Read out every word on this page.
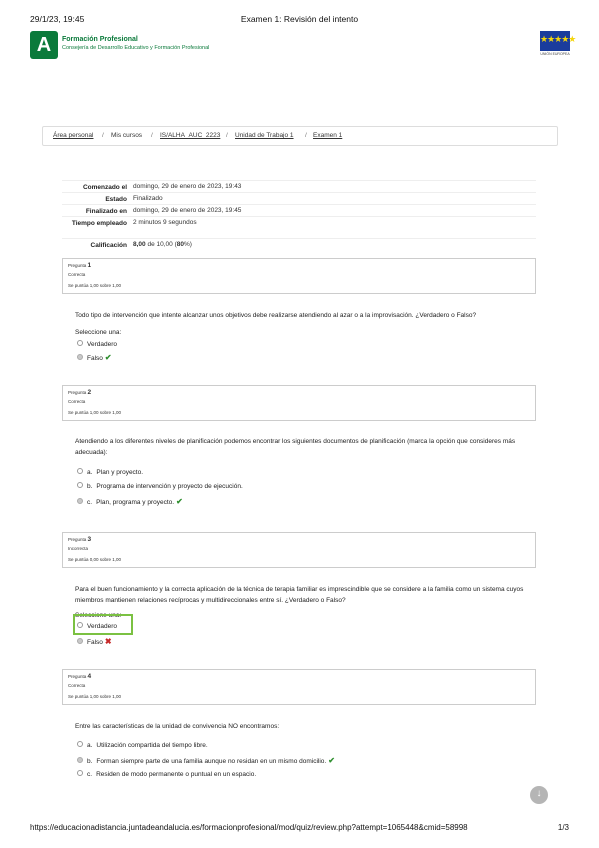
29/1/23, 19:45	Examen 1: Revisión del intento
A	Formación Profesional
Consejería de Desarrollo Educativo y Formación Profesional
★★★★★
UNIÓN EUROPEA
Área personal / Mis cursos / IS/ALHA_AUC_2223 / Unidad de Trabajo 1 / Examen 1
Comenzado el domingo, 29 de enero de 2023, 19:43
Estado Finalizado
Finalizado en domingo, 29 de enero de 2023, 19:45
Tiempo empleado 2 minutos 9 segundos
Calificación 8,00 de 10,00 (80%)
Pregunta 1
Correcta
Se puntúa 1,00 sobre 1,00
Todo tipo de intervención que intente alcanzar unos objetivos debe realizarse atendiendo al azar o a la improvisación. ¿Verdadero o Falso?
Seleccione una:
Verdadero
Falso ✔
Pregunta 2
Correcta
Se puntúa 1,00 sobre 1,00
Atendiendo a los diferentes niveles de planificación podemos encontrar los siguientes documentos de planificación (marca la opción que consideres más adecuada):
a. Plan y proyecto.
b. Programa de intervención y proyecto de ejecución.
c. Plan, programa y proyecto. ✔
Pregunta 3
Incorrecta
Se puntúa 0,00 sobre 1,00
Para el buen funcionamiento y la correcta aplicación de la técnica de terapia familiar es imprescindible que se considere a la familia como un sistema cuyos miembros mantienen relaciones recíprocas y multidireccionales entre sí. ¿Verdadero o Falso?
Seleccione una:
Verdadero
Falso ✖
Pregunta 4
Correcta
Se puntúa 1,00 sobre 1,00
Entre las características de la unidad de convivencia NO encontramos:
a. Utilización compartida del tiempo libre.
b. Forman siempre parte de una familia aunque no residan en un mismo domicilio. ✔
c. Residen de modo permanente o puntual en un espacio.
↓
https://educacionadistancia.juntadeandalucia.es/formacionprofesional/mod/quiz/review.php?attempt=1065448&cmid=58998	1/3
